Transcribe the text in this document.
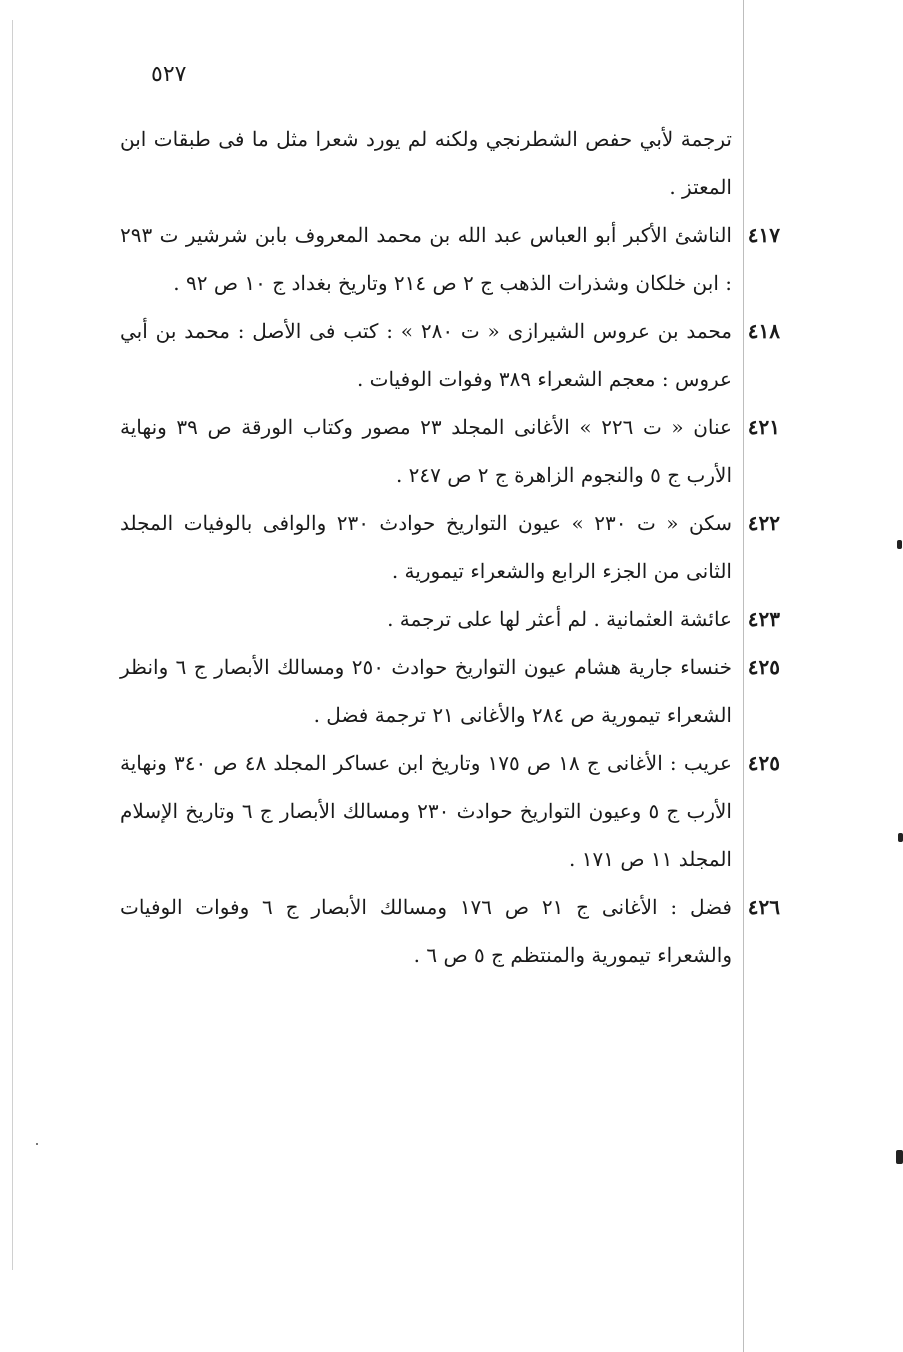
٥٢٧
ترجمة لأبي حفص الشطرنجي ولكنه لم يورد شعرا مثل ما فى طبقات ابن المعتز .
٤١٧
الناشئ الأكبر أبو العباس عبد الله بن محمد المعروف بابن شرشير ت ٢٩٣ : ابن خلكان وشذرات الذهب ج ٢ ص ٢١٤ وتاريخ بغداد ج ١٠ ص ٩٢ .
٤١٨
محمد بن عروس الشيرازى « ت ٢٨٠ » : كتب فى الأصل : محمد بن أبي عروس : معجم الشعراء ٣٨٩ وفوات الوفيات .
٤٢١
عنان « ت ٢٢٦ » الأغانى المجلد ٢٣ مصور وكتاب الورقة ص ٣٩ ونهاية الأرب ج ٥ والنجوم الزاهرة ج ٢ ص ٢٤٧ .
٤٢٢
سكن « ت ٢٣٠ » عيون التواريخ حوادث ٢٣٠ والوافى بالوفيات المجلد الثانى من الجزء الرابع والشعراء تيمورية .
٤٢٣
عائشة العثمانية . لم أعثر لها على ترجمة .
٤٢٥
خنساء جارية هشام عيون التواريخ حوادث ٢٥٠ ومسالك الأبصار ج ٦ وانظر الشعراء تيمورية ص ٢٨٤ والأغانى ٢١ ترجمة فضل .
٤٢٥
عريب : الأغانى ج ١٨ ص ١٧٥ وتاريخ ابن عساكر المجلد ٤٨ ص ٣٤٠ ونهاية الأرب ج ٥ وعيون التواريخ حوادث ٢٣٠ ومسالك الأبصار ج ٦ وتاريخ الإسلام المجلد ١١ ص ١٧١ .
٤٢٦
فضل : الأغانى ج ٢١ ص ١٧٦ ومسالك الأبصار ج ٦ وفوات الوفيات والشعراء تيمورية والمنتظم ج ٥ ص ٦ .
